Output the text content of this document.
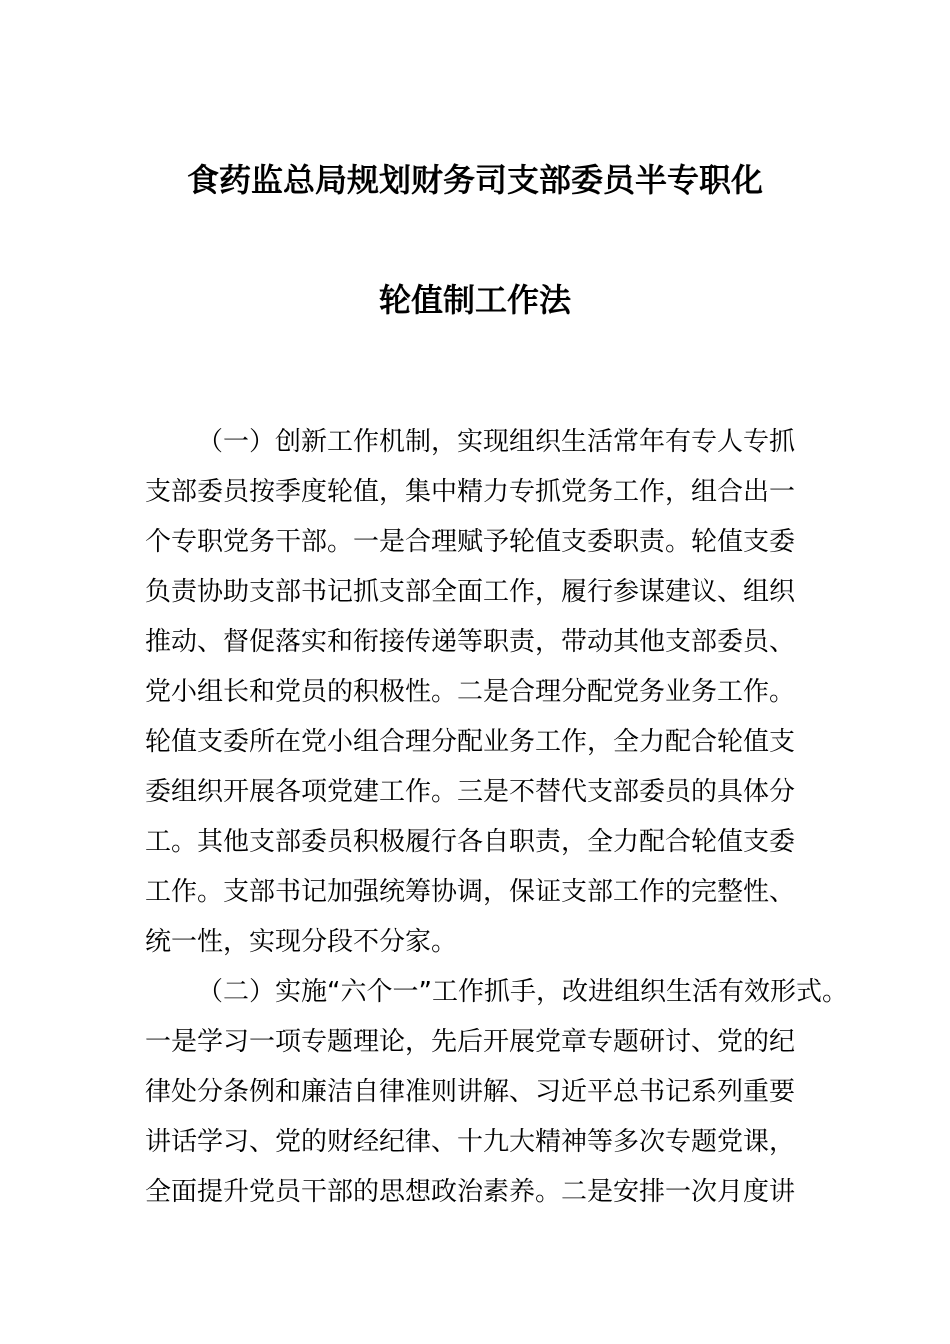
食药监总局规划财务司支部委员半专职化
轮值制工作法
（一）创新工作机制，实现组织生活常年有专人专抓
支部委员按季度轮值，集中精力专抓党务工作，组合出一
个专职党务干部。一是合理赋予轮值支委职责。轮值支委
负责协助支部书记抓支部全面工作，履行参谋建议、组织
推动、督促落实和衔接传递等职责，带动其他支部委员、
党小组长和党员的积极性。二是合理分配党务业务工作。
轮值支委所在党小组合理分配业务工作，全力配合轮值支
委组织开展各项党建工作。三是不替代支部委员的具体分
工。其他支部委员积极履行各自职责，全力配合轮值支委
工作。支部书记加强统筹协调，保证支部工作的完整性、
统一性，实现分段不分家。
（二）实施“六个一”工作抓手，改进组织生活有效形式。
一是学习一项专题理论，先后开展党章专题研讨、党的纪
律处分条例和廉洁自律准则讲解、习近平总书记系列重要
讲话学习、党的财经纪律、十九大精神等多次专题党课，
全面提升党员干部的思想政治素养。二是安排一次月度讲
